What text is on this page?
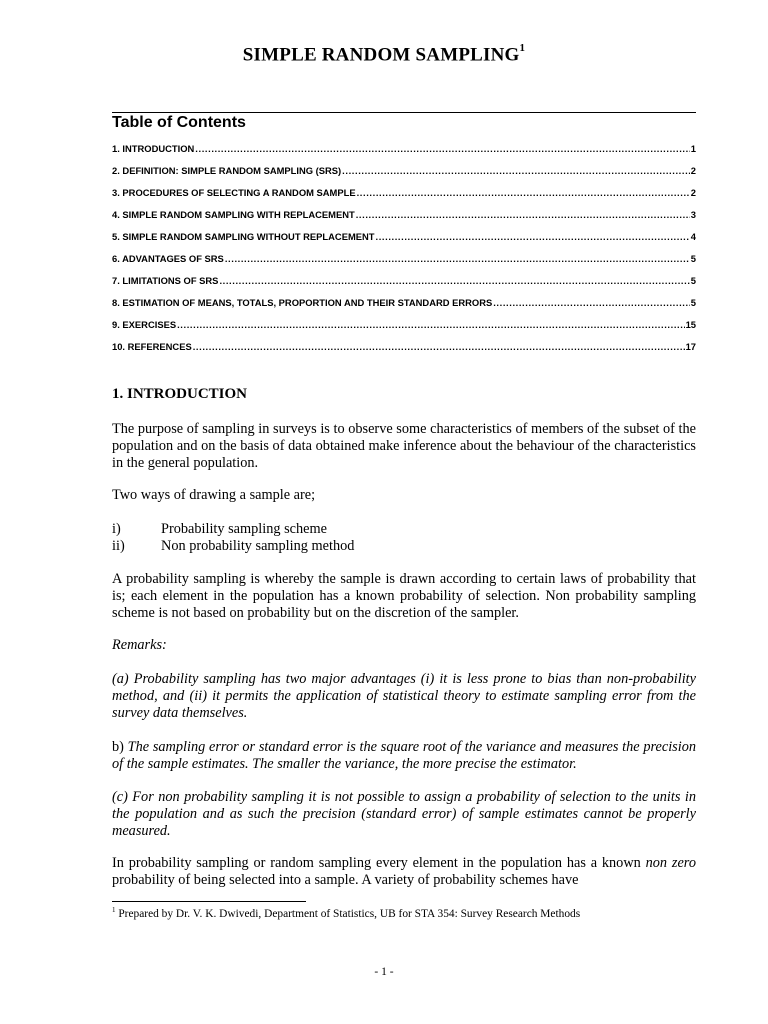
SIMPLE RANDOM SAMPLING$^1$
Table of Contents
1. INTRODUCTION .....	1
2. DEFINITION: SIMPLE RANDOM SAMPLING (SRS) .....	2
3. PROCEDURES OF SELECTING A RANDOM SAMPLE .....	2
4. SIMPLE RANDOM SAMPLING WITH REPLACEMENT .....	3
5. SIMPLE RANDOM SAMPLING WITHOUT REPLACEMENT .....	4
6. ADVANTAGES OF SRS .....	5
7. LIMITATIONS OF SRS .....	5
8. ESTIMATION OF MEANS, TOTALS, PROPORTION AND THEIR STANDARD ERRORS .....	5
9. EXERCISES .....	15
10. REFERENCES .....	17
1. INTRODUCTION

The purpose of sampling in surveys is to observe some characteristics of members of the subset of the population and on the basis of data obtained make inference about the behaviour of the characteristics in the general population.

Two ways of drawing a sample are;

i)	Probability sampling scheme
ii)	Non probability sampling method

A probability sampling is whereby the sample is drawn according to certain laws of probability that is; each element in the population has a known probability of selection. Non probability sampling scheme is not based on probability but on the discretion of the sampler.

Remarks:

(a) Probability sampling has two major advantages (i) it is less prone to bias than non-probability method, and (ii) it permits the application of statistical theory to estimate sampling error from the survey data themselves.

b) The sampling error or standard error is the square root of the variance and measures the precision of the sample estimates. The smaller the variance, the more precise the estimator.

(c) For non probability sampling it is not possible to assign a probability of selection to the units in the population and as such the precision (standard error) of sample estimates cannot be properly measured.

In probability sampling or random sampling every element in the population has a known non zero probability of being selected into a sample. A variety of probability schemes have

$^1$ Prepared by Dr. V. K. Dwivedi, Department of Statistics, UB for STA 354: Survey Research Methods
- 1 -
